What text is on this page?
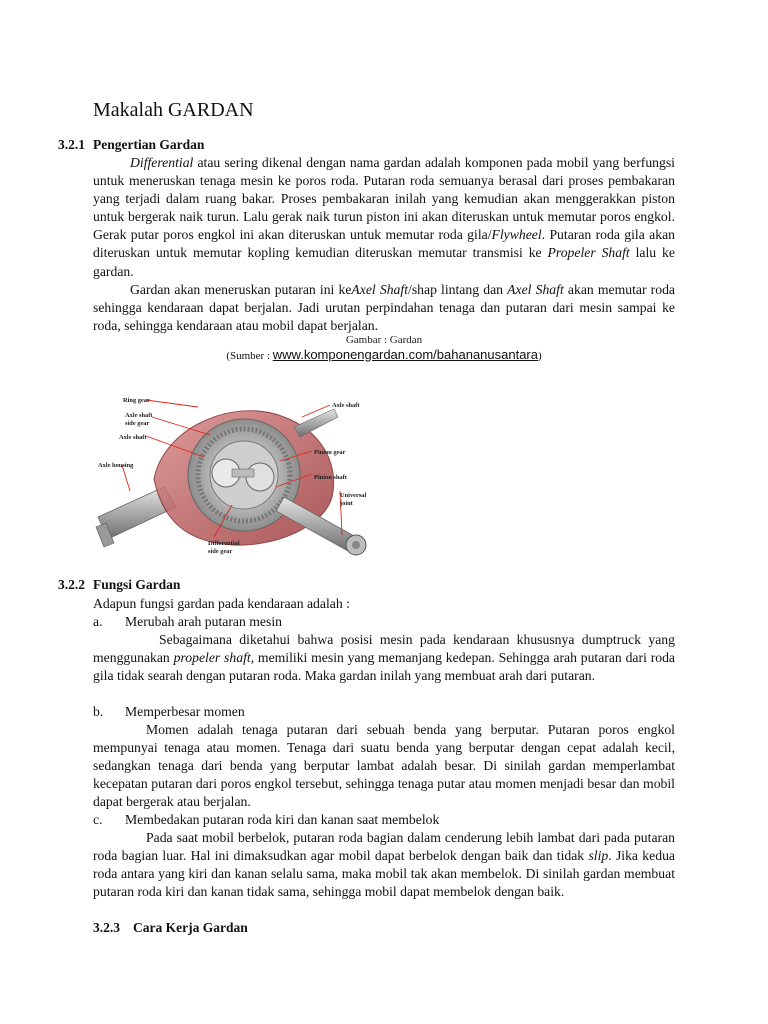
Makalah GARDAN
3.2.1 Pengertian Gardan

Differential atau sering dikenal dengan nama gardan adalah komponen pada mobil yang berfungsi untuk meneruskan tenaga mesin ke poros roda. Putaran roda semuanya berasal dari proses pembakaran yang terjadi dalam ruang bakar. Proses pembakaran inilah yang kemudian akan menggerakkan piston untuk bergerak naik turun. Lalu gerak naik turun piston ini akan diteruskan untuk memutar poros engkol. Gerak putar poros engkol ini akan diteruskan untuk memutar roda gila/Flywheel. Putaran roda gila akan diteruskan untuk memutar kopling kemudian diteruskan memutar transmisi ke Propeler Shaft lalu ke gardan.

Gardan akan meneruskan putaran ini keAxel Shaft/shap lintang dan Axel Shaft akan memutar roda sehingga kendaraan dapat berjalan. Jadi urutan perpindahan tenaga dan putaran dari mesin sampai ke roda, sehingga kendaraan atau mobil dapat berjalan.

Gambar : Gardan

(Sumber : www.komponengardan.com/bahananusantara)

Ring gear
Axle shaft
side gear
Axle shaft
Axle housing
Axle shaft
Pinion gear
Pinion shaft
Universal
joint
Differential
side gear
3.2.2 Fungsi Gardan

Adapun fungsi gardan pada kendaraan adalah :

a. Merubah arah putaran mesin

Sebagaimana diketahui bahwa posisi mesin pada kendaraan khususnya dumptruck yang menggunakan propeler shaft, memiliki mesin yang memanjang kedepan. Sehingga arah putaran dari roda gila tidak searah dengan putaran roda. Maka gardan inilah yang membuat arah dari putaran.

b. Memperbesar momen

Momen adalah tenaga putaran dari sebuah benda yang berputar. Putaran poros engkol mempunyai tenaga atau momen. Tenaga dari suatu benda yang berputar dengan cepat adalah kecil, sedangkan tenaga dari benda yang berputar lambat adalah besar. Di sinilah gardan memperlambat kecepatan putaran dari poros engkol tersebut, sehingga tenaga putar atau momen menjadi besar dan mobil dapat bergerak atau berjalan.

c. Membedakan putaran roda kiri dan kanan saat membelok

Pada saat mobil berbelok, putaran roda bagian dalam cenderung lebih lambat dari pada putaran roda bagian luar. Hal ini dimaksudkan agar mobil dapat berbelok dengan baik dan tidak slip. Jika kedua roda antara yang kiri dan kanan selalu sama, maka mobil tak akan membelok. Di sinilah gardan membuat putaran roda kiri dan kanan tidak sama, sehingga mobil dapat membelok dengan baik.

3.2.3 Cara Kerja Gardan
